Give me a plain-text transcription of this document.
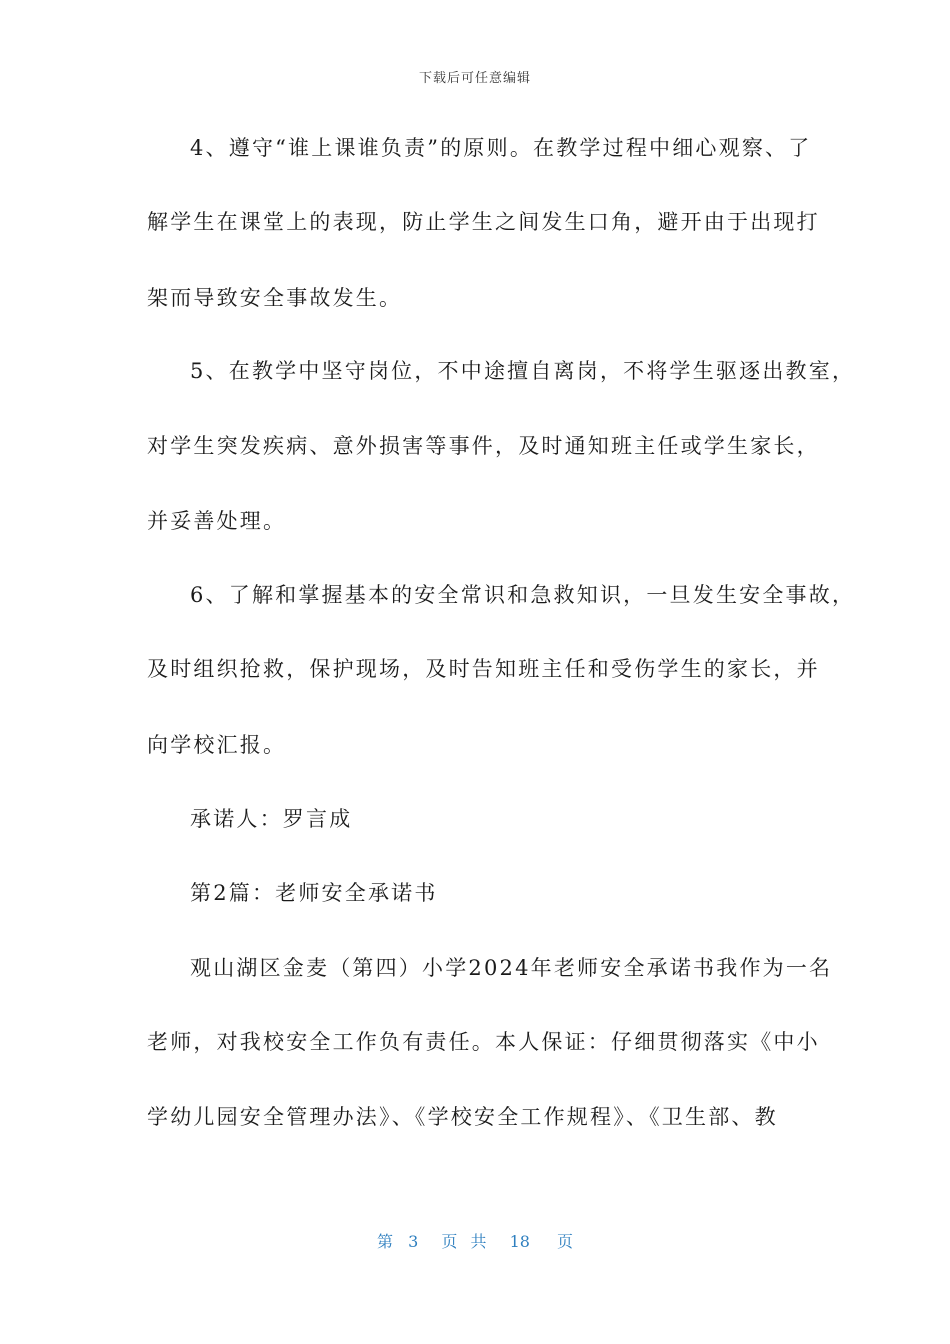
下载后可任意编辑
4、遵守“谁上课谁负责”的原则。在教学过程中细心观察、了
解学生在课堂上的表现，防止学生之间发生口角，避开由于出现打
架而导致安全事故发生。
5、在教学中坚守岗位，不中途擅自离岗，不将学生驱逐出教室，
对学生突发疾病、意外损害等事件，及时通知班主任或学生家长，
并妥善处理。
6、了解和掌握基本的安全常识和急救知识，一旦发生安全事故，
及时组织抢救，保护现场，及时告知班主任和受伤学生的家长，并
向学校汇报。
承诺人：罗言成
第2篇：老师安全承诺书
观山湖区金麦（第四）小学2024年老师安全承诺书我作为一名
老师，对我校安全工作负有责任。本人保证：仔细贯彻落实《中小
学幼儿园安全管理办法》、《学校安全工作规程》、《卫生部、教
第 3 页 共 18 页
